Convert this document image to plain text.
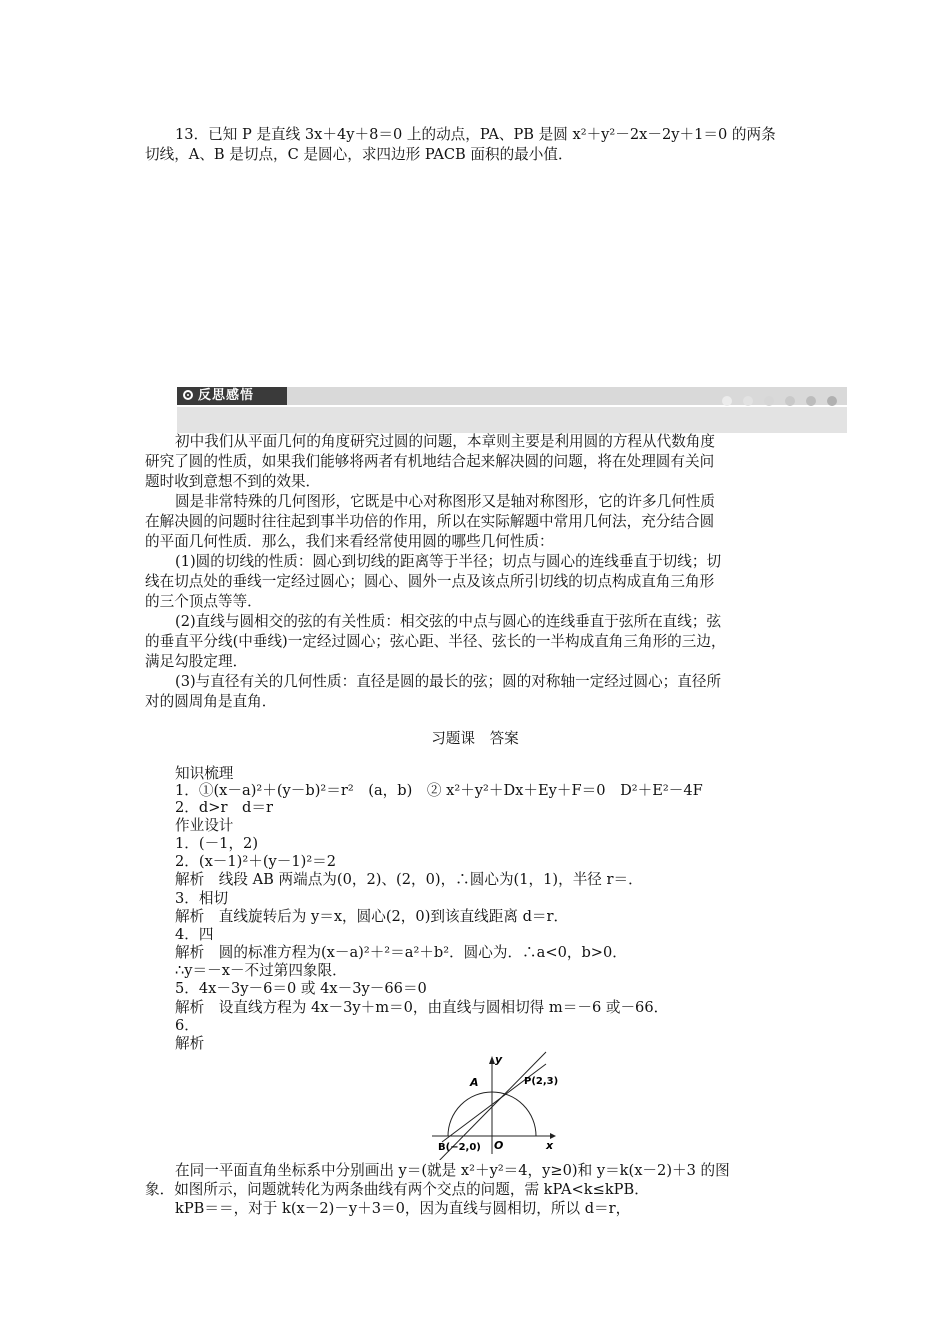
13．已知 P 是直线 3x＋4y＋8＝0 上的动点，PA、PB 是圆 x²＋y²－2x－2y＋1＝0 的两条
切线，A、B 是切点，C 是圆心，求四边形 PACB 面积的最小值．
反思感悟
初中我们从平面几何的角度研究过圆的问题，本章则主要是利用圆的方程从代数角度
研究了圆的性质，如果我们能够将两者有机地结合起来解决圆的问题，将在处理圆有关问
题时收到意想不到的效果．
圆是非常特殊的几何图形，它既是中心对称图形又是轴对称图形，它的许多几何性质
在解决圆的问题时往往起到事半功倍的作用，所以在实际解题中常用几何法，充分结合圆
的平面几何性质．那么，我们来看经常使用圆的哪些几何性质：
(1)圆的切线的性质：圆心到切线的距离等于半径；切点与圆心的连线垂直于切线；切
线在切点处的垂线一定经过圆心；圆心、圆外一点及该点所引切线的切点构成直角三角形
的三个顶点等等．
(2)直线与圆相交的弦的有关性质：相交弦的中点与圆心的连线垂直于弦所在直线；弦
的垂直平分线(中垂线)一定经过圆心；弦心距、半径、弦长的一半构成直角三角形的三边，
满足勾股定理．
(3)与直径有关的几何性质：直径是圆的最长的弦；圆的对称轴一定经过圆心；直径所
对的圆周角是直角．
习题课　答案
知识梳理
1．①(x－a)²＋(y－b)²＝r²　(a，b)　② x²＋y²＋Dx＋Ey＋F＝0　D²＋E²－4F
2．d>r　d＝r
作业设计
1．(－1，2)
2．(x－1)²＋(y－1)²＝2
解析　线段 AB 两端点为(0，2)、(2，0)，∴圆心为(1，1)，半径 r＝．
3．相切
解析　直线旋转后为 y＝x，圆心(2，0)到该直线距离 d＝r．
4．四
解析　圆的标准方程为(x－a)²＋²＝a²＋b²．圆心为．∴a<0，b>0．
∴y＝－x－不过第四象限．
5．4x－3y－6＝0 或 4x－3y－66＝0
解析　设直线方程为 4x－3y＋m＝0，由直线与圆相切得 m＝－6 或－66．
6．
解析
y
x
A	P(2,3)
B(−2,0) O
在同一平面直角坐标系中分别画出 y＝(就是 x²＋y²＝4，y≥0)和 y＝k(x－2)＋3 的图
象．如图所示，问题就转化为两条曲线有两个交点的问题，需 kPA<k≤kPB．
kPB＝＝，对于 k(x－2)－y＋3＝0，因为直线与圆相切，所以 d＝r，
